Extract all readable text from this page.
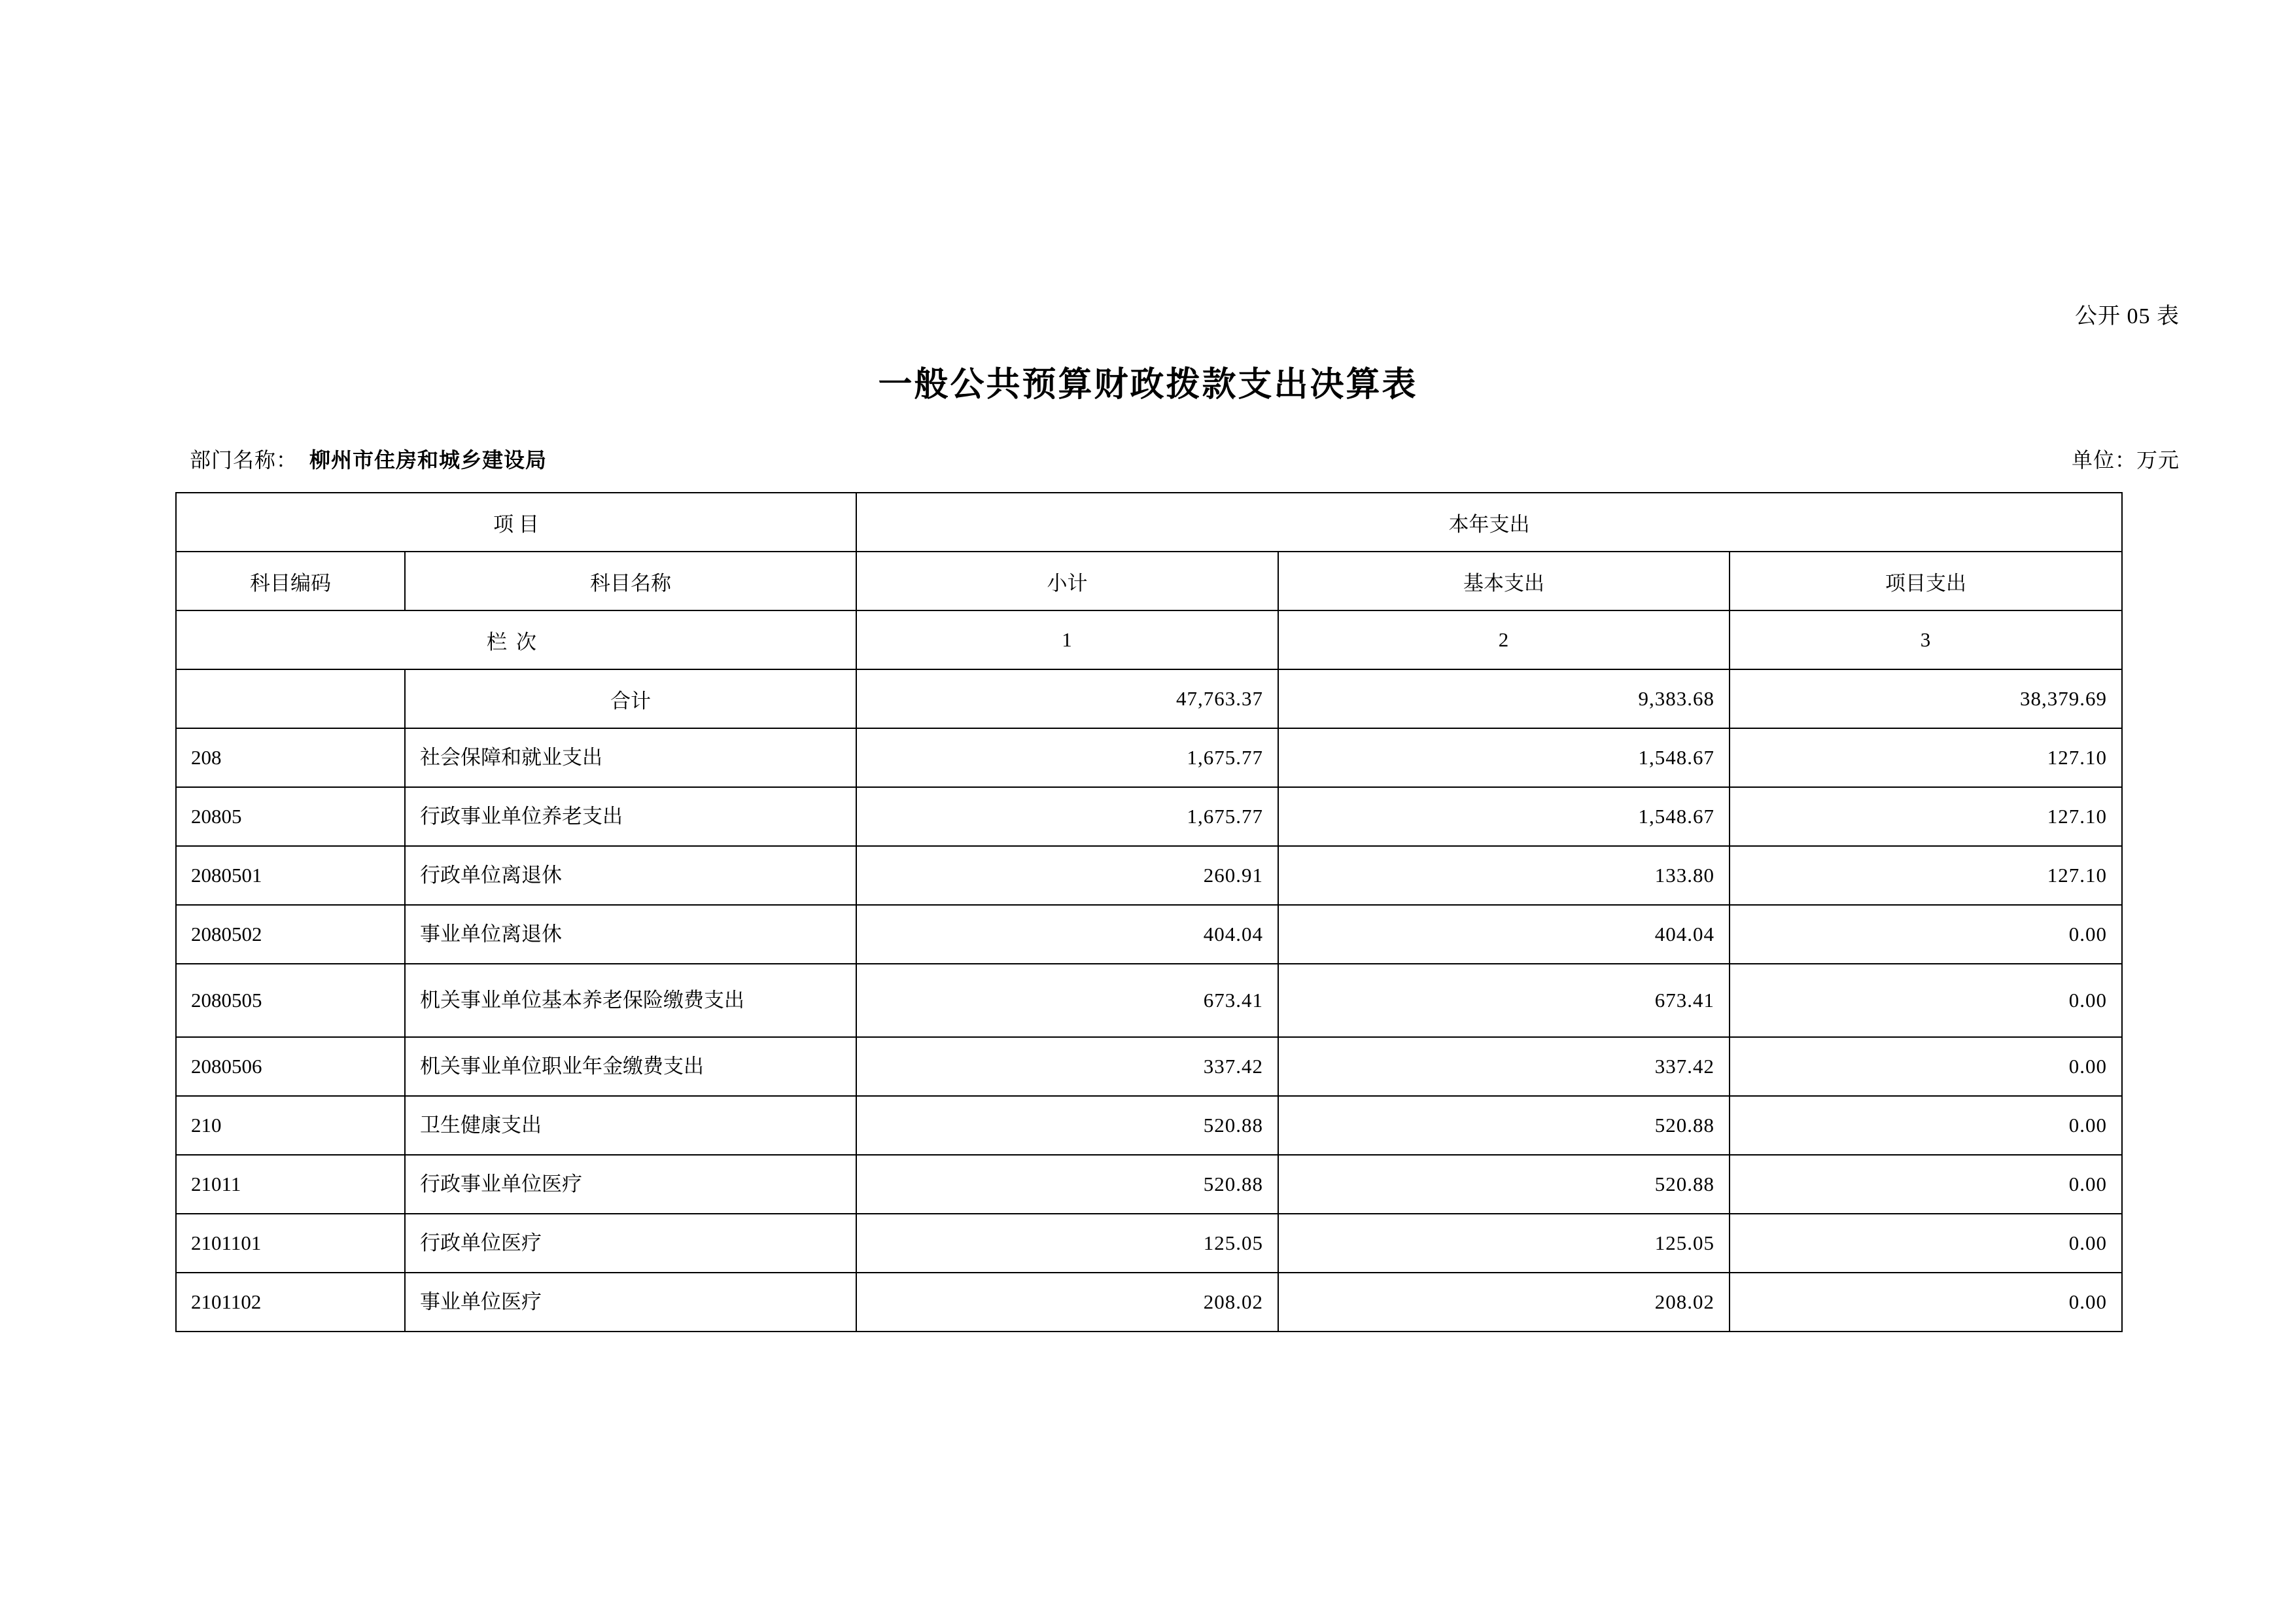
公开 05 表
一般公共预算财政拨款支出决算表
部门名称： 柳州市住房和城乡建设局	单位：万元
项 目		本年支出		
科目编码	科目名称	小计	基本支出	项目支出
栏次		1	2	3
	合计	47,763.37	9,383.68	38,379.69
208	社会保障和就业支出	1,675.77	1,548.67	127.10
20805	行政事业单位养老支出	1,675.77	1,548.67	127.10
2080501	行政单位离退休	260.91	133.80	127.10
2080502	事业单位离退休	404.04	404.04	0.00
2080505	机关事业单位基本养老保险缴费支出	673.41	673.41	0.00
2080506	机关事业单位职业年金缴费支出	337.42	337.42	0.00
210	卫生健康支出	520.88	520.88	0.00
21011	行政事业单位医疗	520.88	520.88	0.00
2101101	行政单位医疗	125.05	125.05	0.00
2101102	事业单位医疗	208.02	208.02	0.00
